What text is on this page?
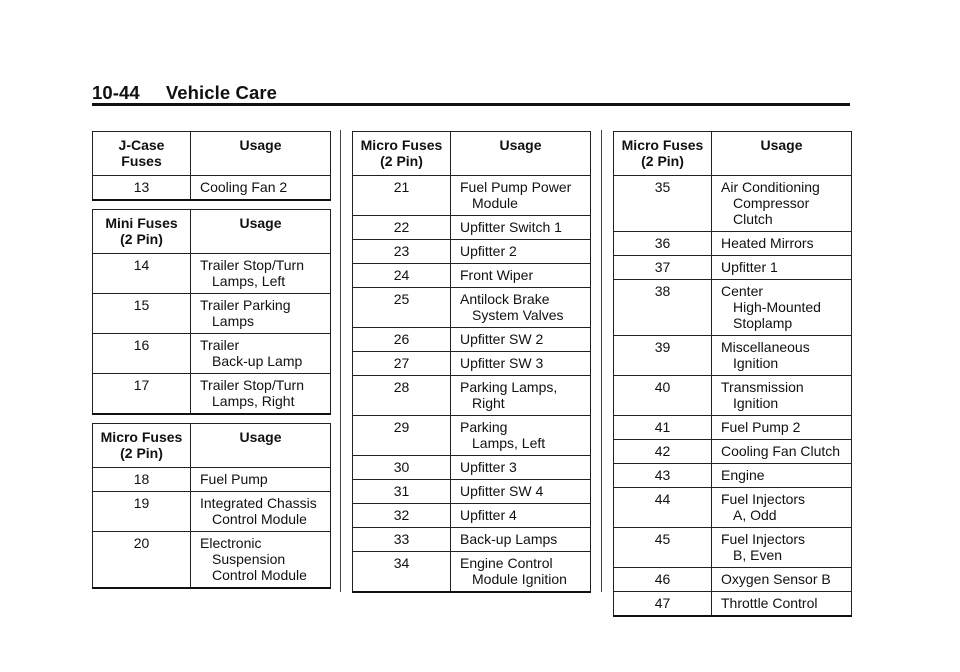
10-44 Vehicle Care
J-Case
Fuses	Usage
13	Cooling Fan 2
Mini Fuses
(2 Pin)	Usage
14	Trailer Stop/Turn
Lamps, Left

15	Trailer Parking
Lamps

16	Trailer
Back-up Lamp

17	Trailer Stop/Turn
Lamps, Right
Micro Fuses
(2 Pin)	Usage
18	Fuel Pump

19	Integrated Chassis
Control Module

20	Electronic
Suspension
Control Module
Micro Fuses
(2 Pin)	Usage
21	Fuel Pump Power
Module

22	Upfitter Switch 1

23	Upfitter 2

24	Front Wiper

25	Antilock Brake
System Valves

26	Upfitter SW 2

27	Upfitter SW 3

28	Parking Lamps,
Right

29	Parking
Lamps, Left

30	Upfitter 3

31	Upfitter SW 4

32	Upfitter 4

33	Back-up Lamps

34	Engine Control
Module Ignition
Micro Fuses
(2 Pin)	Usage
35	Air Conditioning
Compressor Clutch

36	Heated Mirrors

37	Upfitter 1

38	Center
High-Mounted
Stoplamp

39	Miscellaneous
Ignition

40	Transmission
Ignition

41	Fuel Pump 2

42	Cooling Fan Clutch

43	Engine

44	Fuel Injectors
A, Odd

45	Fuel Injectors
B, Even

46	Oxygen Sensor B

47	Throttle Control
